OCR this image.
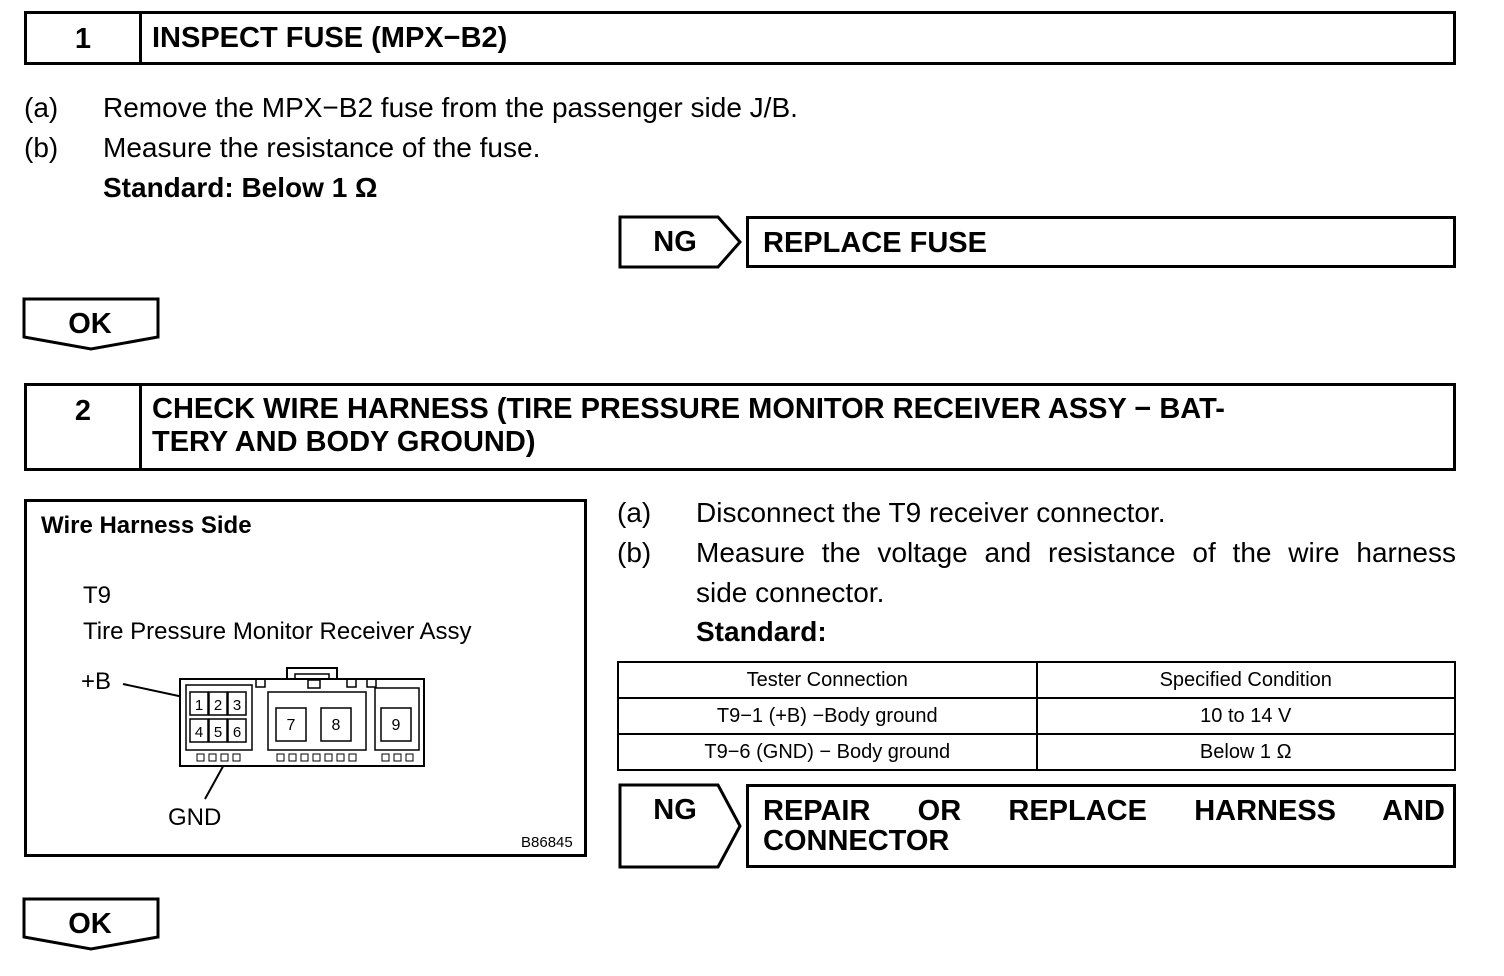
1	INSPECT FUSE (MPX−B2)
(a) Remove the MPX−B2 fuse from the passenger side J/B.
(b) Measure the resistance of the fuse.
Standard: Below 1 Ω
NG	REPLACE FUSE
OK
2	CHECK WIRE HARNESS (TIRE PRESSURE MONITOR RECEIVER ASSY − BAT-
TERY AND BODY GROUND)
Wire Harness Side
T9
Tire Pressure Monitor Receiver Assy
+B
GND
B86845
1 2 3
4 5 6	7 8	9
(a) Disconnect the T9 receiver connector.
(b) Measure the voltage and resistance of the wire harness
side connector.
Standard:
Tester Connection	Specified Condition
T9−1 (+B) −Body ground	10 to 14 V
T9−6 (GND) − Body ground	Below 1 Ω
NG	REPAIR OR REPLACE HARNESS AND
CONNECTOR
OK
